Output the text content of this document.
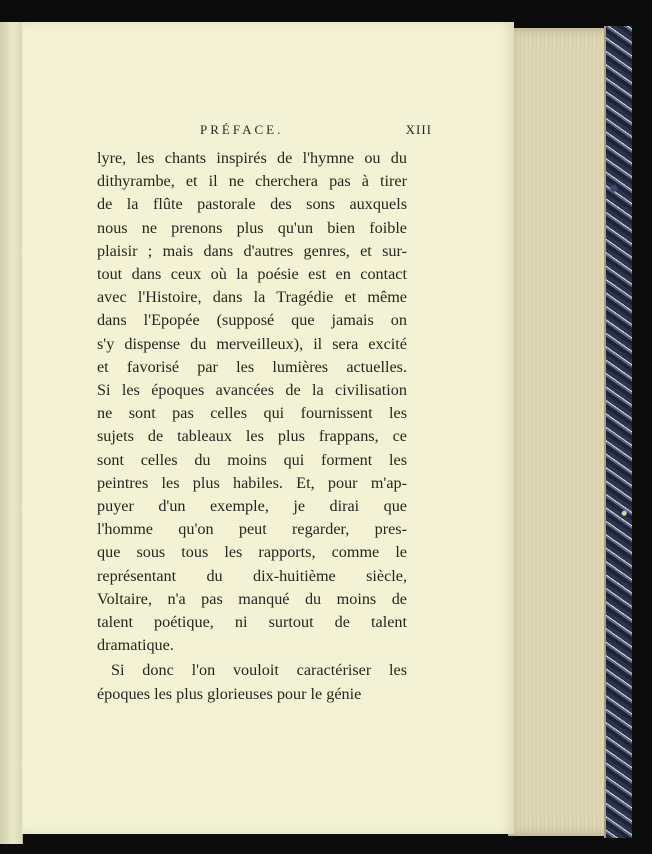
PRÉFACE.	XIII
lyre, les chants inspirés de l'hymne ou du
dithyrambe, et il ne cherchera pas à tirer
de la flûte pastorale des sons auxquels
nous ne prenons plus qu'un bien foible
plaisir ; mais dans d'autres genres, et sur-
tout dans ceux où la poésie est en contact
avec l'Histoire, dans la Tragédie et même
dans l'Epopée (supposé que jamais on
s'y dispense du merveilleux), il sera excité
et favorisé par les lumières actuelles.
Si les époques avancées de la civilisation
ne sont pas celles qui fournissent les
sujets de tableaux les plus frappans, ce
sont celles du moins qui forment les
peintres les plus habiles. Et, pour m'ap-
puyer d'un exemple, je dirai que
l'homme qu'on peut regarder, pres-
que sous tous les rapports, comme le
représentant du dix-huitième siècle,
Voltaire, n'a pas manqué du moins de
talent poétique, ni surtout de talent
dramatique.
Si donc l'on vouloit caractériser les
époques les plus glorieuses pour le génie
